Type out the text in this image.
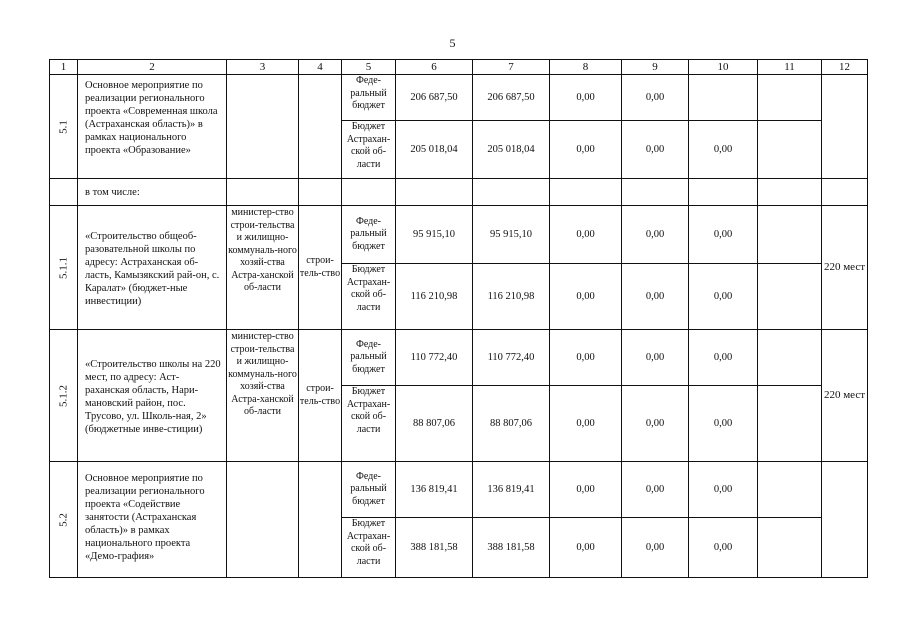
5
1	2	3	4	5	6	7	8	9	10	11	12

5.1	Основное мероприятие по реализации регионального проекта «Современная школа (Астраханская область)» в рамках национального проекта «Образование»			Феде-ральный бюджет	206 687,50	206 687,50	0,00	0,00			
				Бюджет Астрахан-ской об-ласти	205 018,04	205 018,04	0,00	0,00	0,00		
	в том числе:										

5.1.1	«Строительство общеоб-разовательной школы по адресу: Астраханская об-ласть, Камызякский рай-он, с. Каралат» (бюджет-ные инвестиции)	министер-ство строи-тельства и жилищно-коммуналь-ного хозяй-ства Астра-ханской об-ласти	строи-тель-ство	Феде-ральный бюджет	95 915,10	95 915,10	0,00	0,00	0,00		220 мест
				Бюджет Астрахан-ской об-ласти	116 210,98	116 210,98	0,00	0,00	0,00		

5.1.2	«Строительство школы на 220 мест, по адресу: Аст-раханская область, Нари-мановский район, пос. Трусово, ул. Школь-ная, 2» (бюджетные инве-стиции)	министер-ство строи-тельства и жилищно-коммуналь-ного хозяй-ства Астра-ханской об-ласти	строи-тель-ство	Феде-ральный бюджет	110 772,40	110 772,40	0,00	0,00	0,00		220 мест
				Бюджет Астрахан-ской об-ласти	88 807,06	88 807,06	0,00	0,00	0,00		

5.2	Основное мероприятие по реализации регионального проекта «Содействие занятости (Астраханская область)» в рамках национального проекта «Демо-графия»			Феде-ральный бюджет	136 819,41	136 819,41	0,00	0,00	0,00		
				Бюджет Астрахан-ской об-ласти	388 181,58	388 181,58	0,00	0,00	0,00		
